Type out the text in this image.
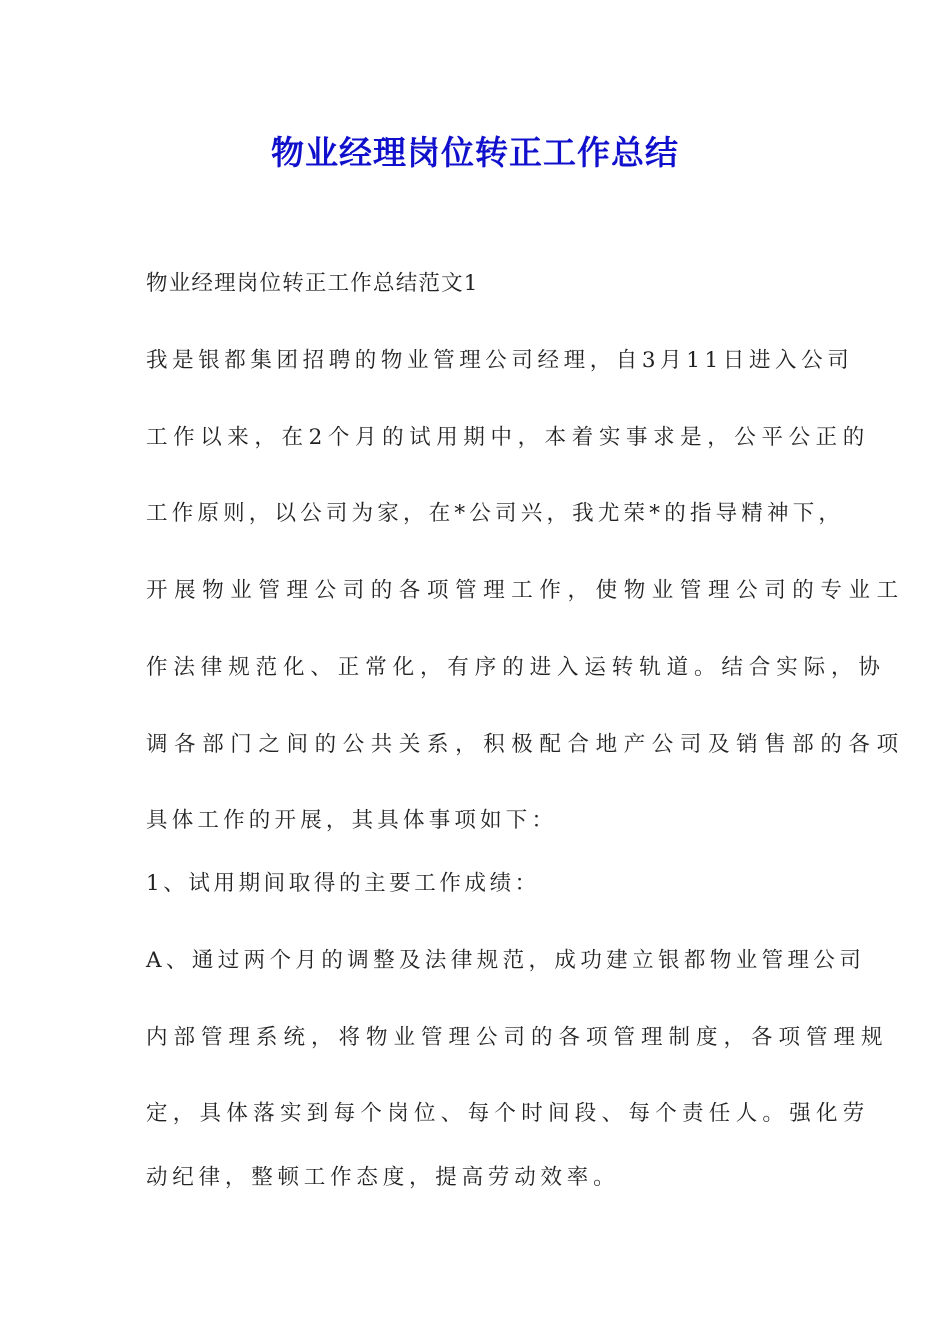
物业经理岗位转正工作总结

物业经理岗位转正工作总结范文1

我是银都集团招聘的物业管理公司经理，自3月11日进入公司

工作以来，在2个月的试用期中，本着实事求是，公平公正的

工作原则，以公司为家，在*公司兴，我尤荣*的指导精神下，

开展物业管理公司的各项管理工作，使物业管理公司的专业工

作法律规范化、正常化，有序的进入运转轨道。结合实际，协

调各部门之间的公共关系，积极配合地产公司及销售部的各项

具体工作的开展，其具体事项如下：

1、试用期间取得的主要工作成绩：

A、通过两个月的调整及法律规范，成功建立银都物业管理公司

内部管理系统，将物业管理公司的各项管理制度，各项管理规

定，具体落实到每个岗位、每个时间段、每个责任人。强化劳

动纪律，整顿工作态度，提高劳动效率。
